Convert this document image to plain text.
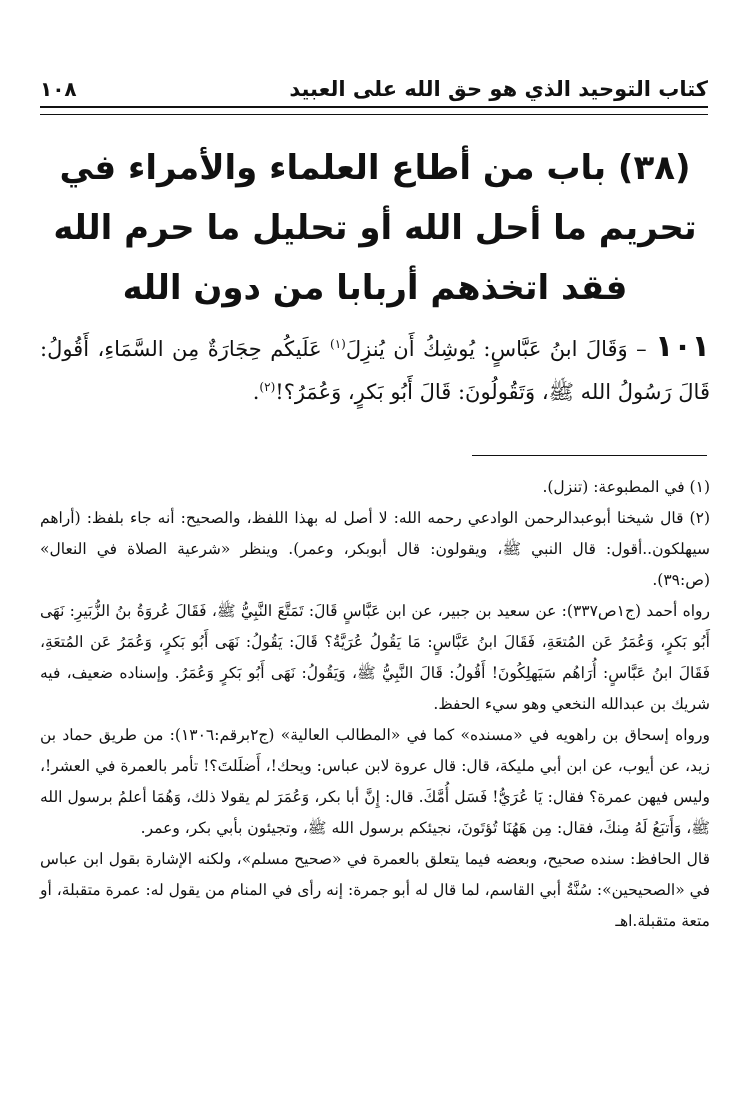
١٠٨	كتاب التوحيد الذي هو حق الله على العبيد
(٣٨) باب من أطاع العلماء والأمراء في تحريم ما أحل الله أو تحليل ما حرم الله فقد اتخذهم أربابا من دون الله
١٠١ – وَقَالَ ابنُ عَبَّاسٍ: يُوشِكُ أَن يُنزِلَ$^{(١)}$ عَلَيكُم حِجَارَةٌ مِن السَّمَاءِ، أَقُولُ: قَالَ رَسُولُ الله ﷺ، وَتَقُولُونَ: قَالَ أَبُو بَكرٍ، وَعُمَرُ؟!$^{(٢)}$.

(١) في المطبوعة: (تنزل).

(٢) قال شيخنا أبوعبدالرحمن الوادعي رحمه الله: لا أصل له بهذا اللفظ، والصحيح: أنه جاء بلفظ: (أراهم سيهلكون..أقول: قال النبي ﷺ، ويقولون: قال أبوبكر، وعمر). وينظر «شرعية الصلاة في النعال» (ص:٣٩).

رواه أحمد (ج١ص٣٣٧): عن سعيد بن جبير، عن ابن عَبَّاسٍ قَالَ: تَمَتَّعَ النَّبِيُّ ﷺ، فَقَالَ عُروَةُ بنُ الزُّبَيرِ: نَهَى أَبُو بَكرٍ، وَعُمَرُ عَن المُتعَةِ، فَقَالَ ابنُ عَبَّاسٍ: مَا يَقُولُ عُرَيَّةُ؟ قَالَ: يَقُولُ: نَهَى أَبُو بَكرٍ، وَعُمَرُ عَن المُتعَةِ، فَقَالَ ابنُ عَبَّاسٍ: أُرَاهُم سَيَهلِكُونَ! أَقُولُ: قَالَ النَّبِيُّ ﷺ، وَيَقُولُ: نَهَى أَبُو بَكرٍ وَعُمَرُ. وإسناده ضعيف، فيه شريك بن عبدالله النخعي وهو سيء الحفظ.

ورواه إسحاق بن راهويه في «مسنده» كما في «المطالب العالية» (ج٢برقم:١٣٠٦): من طريق حماد بن زيد، عن أيوب، عن ابن أبي مليكة، قال: قال عروة لابن عباس: ويحك!، أَضلَلتَ؟! تأمر بالعمرة في العشر!، وليس فيهن عمرة؟ فقال: يَا عُرَيُّ! فَسَل أُمَّكَ. قال: إِنَّ أبا بكر، وَعُمَرَ لم يقولا ذلك، وَهُمَا أعلمُ برسول الله ﷺ، وَأَتبَعُ لَهُ مِنكَ، فقال: مِن هَهُنَا تُؤتَونَ، نجيئكم برسول الله ﷺ، وتجيئون بأبي بكر، وعمر.

قال الحافظ: سنده صحيح، وبعضه فيما يتعلق بالعمرة في «صحيح مسلم»، ولكنه الإشارة بقول ابن عباس في «الصحيحين»: سُنَّةُ أبي القاسم، لما قال له أبو جمرة: إنه رأى في المنام من يقول له: عمرة متقبلة، أو متعة متقبلة.اهـ
